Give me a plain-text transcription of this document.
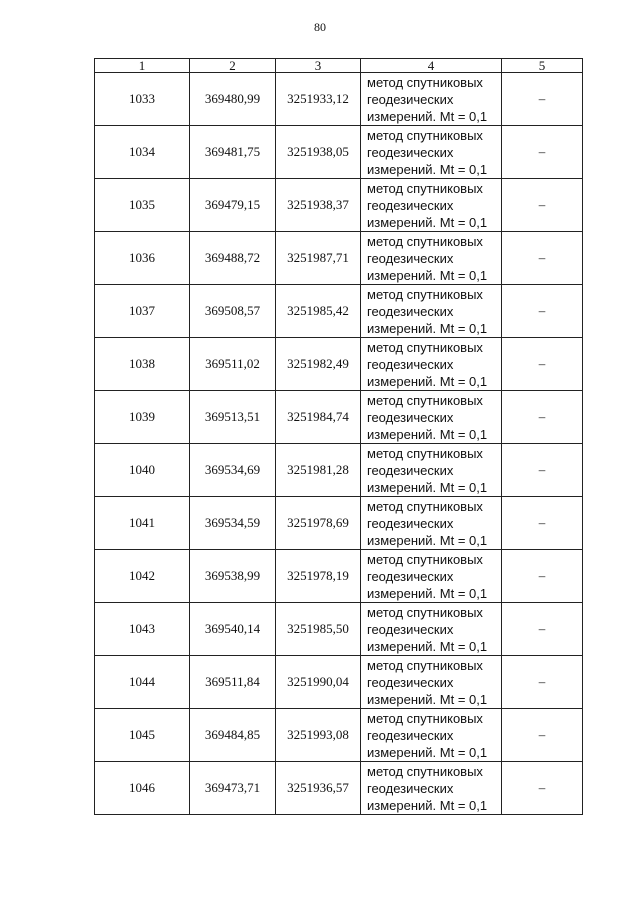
80
1	2	3	4	5
1033	369480,99	3251933,12	метод спутниковых
геодезических
измерений. Mt = 0,1	–
1034	369481,75	3251938,05	метод спутниковых
геодезических
измерений. Mt = 0,1	–
1035	369479,15	3251938,37	метод спутниковых
геодезических
измерений. Mt = 0,1	–
1036	369488,72	3251987,71	метод спутниковых
геодезических
измерений. Mt = 0,1	–
1037	369508,57	3251985,42	метод спутниковых
геодезических
измерений. Mt = 0,1	–
1038	369511,02	3251982,49	метод спутниковых
геодезических
измерений. Mt = 0,1	–
1039	369513,51	3251984,74	метод спутниковых
геодезических
измерений. Mt = 0,1	–
1040	369534,69	3251981,28	метод спутниковых
геодезических
измерений. Mt = 0,1	–
1041	369534,59	3251978,69	метод спутниковых
геодезических
измерений. Mt = 0,1	–
1042	369538,99	3251978,19	метод спутниковых
геодезических
измерений. Mt = 0,1	–
1043	369540,14	3251985,50	метод спутниковых
геодезических
измерений. Mt = 0,1	–
1044	369511,84	3251990,04	метод спутниковых
геодезических
измерений. Mt = 0,1	–
1045	369484,85	3251993,08	метод спутниковых
геодезических
измерений. Mt = 0,1	–
1046	369473,71	3251936,57	метод спутниковых
геодезических
измерений. Mt = 0,1	–
